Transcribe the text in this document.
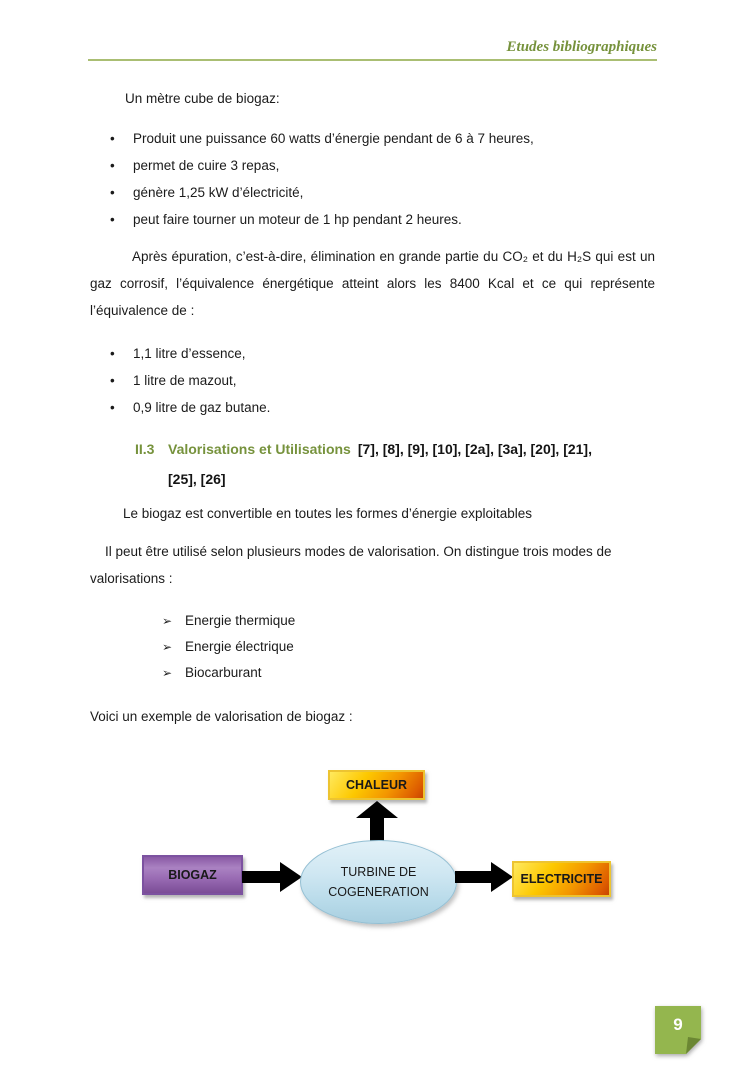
Etudes bibliographiques

Un mètre cube de biogaz:

• Produit une puissance 60 watts d’énergie pendant de 6 à 7 heures,
• permet de cuire 3 repas,
• génère 1,25 kW d’électricité,
• peut faire tourner un moteur de 1 hp pendant 2 heures.

Après épuration, c’est-à-dire, élimination en grande partie du CO₂ et du H₂S qui est un gaz corrosif, l’équivalence énergétique atteint alors les 8400 Kcal et ce qui représente l’équivalence de :

• 1,1 litre d’essence,
• 1 litre de mazout,
• 0,9 litre de gaz butane.
II.3 Valorisations et Utilisations [7], [8], [9], [10], [2a], [3a], [20], [21],
[25], [26]

Le biogaz est convertible en toutes les formes d’énergie exploitables

Il peut être utilisé selon plusieurs modes de valorisation. On distingue trois modes de valorisations :

➢ Energie thermique
➢ Energie électrique
➢ Biocarburant

Voici un exemple de valorisation de biogaz :

CHALEUR
BIOGAZ	TURBINE DE COGENERATION
ELECTRICITE
9
